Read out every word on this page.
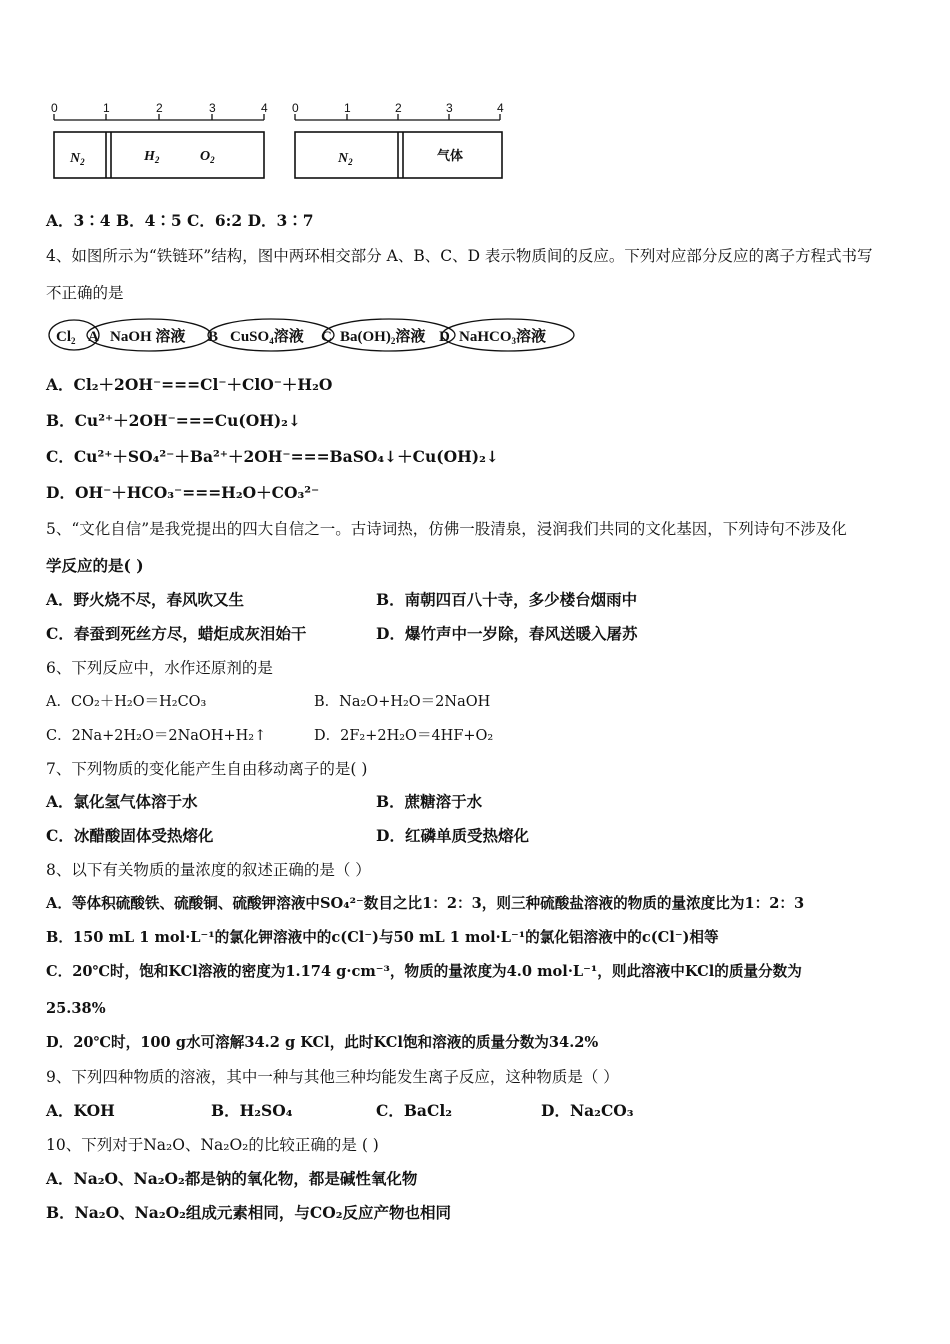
0	1	2	3	4
$N_2$	$H_2$	$O_2$
0	1	2	3	4
$N_2$	气体
A．3∶4 B．4∶5 C．6:2 D．3∶7
4、如图所示为“铁链环”结构，图中两环相交部分 A、B、C、D 表示物质间的反应。下列对应部分反应的离子方程式书写
不正确的是
$Cl_2$ A NaOH 溶液 B CuSO$_4$溶液 C $Ba(OH)_2$溶液 D NaHCO$_3$溶液
A．Cl₂＋2OH⁻===Cl⁻＋ClO⁻＋H₂O
B．Cu²⁺＋2OH⁻===Cu(OH)₂↓
C．Cu²⁺＋SO₄²⁻＋Ba²⁺＋2OH⁻===BaSO₄↓＋Cu(OH)₂↓
D．OH⁻＋HCO₃⁻===H₂O＋CO₃²⁻
5、“文化自信”是我党提出的四大自信之一。古诗词热，仿佛一股清泉，浸润我们共同的文化基因，下列诗句不涉及化
学反应的是( )
A．野火烧不尽，春风吹又生	B．南朝四百八十寺，多少楼台烟雨中
C．春蚕到死丝方尽，蜡炬成灰泪始干	D．爆竹声中一岁除，春风送暖入屠苏
6、下列反应中，水作还原剂的是
A．CO₂＋H₂O＝H₂CO₃	B．Na₂O+H₂O＝2NaOH
C．2Na+2H₂O＝2NaOH+H₂↑	D．2F₂+2H₂O＝4HF+O₂
7、下列物质的变化能产生自由移动离子的是( )
A．氯化氢气体溶于水	B．蔗糖溶于水
C．冰醋酸固体受热熔化	D．红磷单质受热熔化
8、以下有关物质的量浓度的叙述正确的是（ ）
A．等体积硫酸铁、硫酸铜、硫酸钾溶液中SO₄²⁻数目之比1：2：3，则三种硫酸盐溶液的物质的量浓度比为1：2：3
B．150 mL 1 mol·L⁻¹的氯化钾溶液中的c(Cl⁻)与50 mL 1 mol·L⁻¹的氯化铝溶液中的c(Cl⁻)相等
C．20℃时，饱和KCl溶液的密度为1.174 g·cm⁻³，物质的量浓度为4.0 mol·L⁻¹，则此溶液中KCl的质量分数为
25.38%
D．20℃时，100 g水可溶解34.2 g KCl，此时KCl饱和溶液的质量分数为34.2%
9、下列四种物质的溶液，其中一种与其他三种均能发生离子反应，这种物质是（ ）
A．KOH	B．H₂SO₄	C．BaCl₂	D．Na₂CO₃
10、下列对于Na₂O、Na₂O₂的比较正确的是 ( )
A．Na₂O、Na₂O₂都是钠的氧化物，都是碱性氧化物
B．Na₂O、Na₂O₂组成元素相同，与CO₂反应产物也相同
